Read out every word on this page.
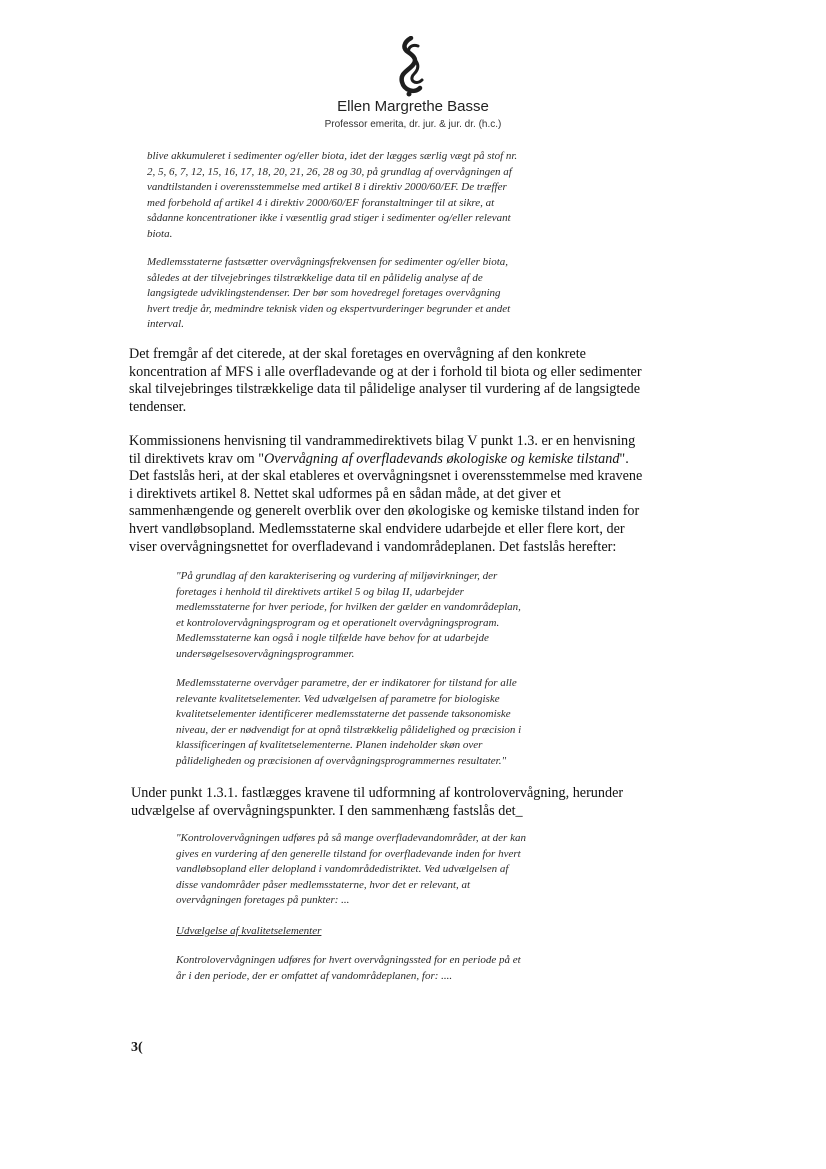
Ellen Margrethe Basse
Professor emerita, dr. jur. & jur. dr. (h.c.)

blive akkumuleret i sedimenter og/eller biota, idet der lægges særlig vægt på stof nr.

2, 5, 6, 7, 12, 15, 16, 17, 18, 20, 21, 26, 28 og 30, på grundlag af overvågningen af

vandtilstanden i overensstemmelse med artikel 8 i direktiv 2000/60/EF. De træffer

med forbehold af artikel 4 i direktiv 2000/60/EF foranstaltninger til at sikre, at

sådanne koncentrationer ikke i væsentlig grad stiger i sedimenter og/eller relevant

biota.

Medlemsstaterne fastsætter overvågningsfrekvensen for sedimenter og/eller biota,

således at der tilvejebringes tilstrækkelige data til en pålidelig analyse af de

langsigtede udviklingstendenser. Der bør som hovedregel foretages overvågning

hvert tredje år, medmindre teknisk viden og ekspertvurderinger begrunder et andet

interval.

Det fremgår af det citerede, at der skal foretages en overvågning af den konkrete

koncentration af MFS i alle overfladevande og at der i forhold til biota og eller sedimenter

skal tilvejebringes tilstrækkelige data til pålidelige analyser til vurdering af de langsigtede

tendenser.

Kommissionens henvisning til vandrammedirektivets bilag V punkt 1.3. er en henvisning

til direktivets krav om "Overvågning af overfladevands økologiske og kemiske tilstand".

Det fastslås heri, at der skal etableres et overvågningsnet i overensstemmelse med kravene

i direktivets artikel 8. Nettet skal udformes på en sådan måde, at det giver et

sammenhængende og generelt overblik over den økologiske og kemiske tilstand inden for

hvert vandløbsopland. Medlemsstaterne skal endvidere udarbejde et eller flere kort, der

viser overvågningsnettet for overfladevand i vandområdeplanen. Det fastslås herefter:

"På grundlag af den karakterisering og vurdering af miljøvirkninger, der

foretages i henhold til direktivets artikel 5 og bilag II, udarbejder

medlemsstaterne for hver periode, for hvilken der gælder en vandområdeplan,

et kontrolovervågningsprogram og et operationelt overvågningsprogram.

Medlemsstaterne kan også i nogle tilfælde have behov for at udarbejde

undersøgelsesovervågningsprogrammer.

Medlemsstaterne overvåger parametre, der er indikatorer for tilstand for alle

relevante kvalitetselementer. Ved udvælgelsen af parametre for biologiske

kvalitetselementer identificerer medlemsstaterne det passende taksonomiske

niveau, der er nødvendigt for at opnå tilstrækkelig pålidelighed og præcision i

klassificeringen af kvalitetselementerne. Planen indeholder skøn over

pålideligheden og præcisionen af overvågningsprogrammernes resultater."

Under punkt 1.3.1. fastlægges kravene til udformning af kontrolovervågning, herunder

udvælgelse af overvågningspunkter. I den sammenhæng fastslås det_

"Kontrolovervågningen udføres på så mange overfladevandområder, at der kan

gives en vurdering af den generelle tilstand for overfladevande inden for hvert

vandløbsopland eller delopland i vandområdedistriktet. Ved udvælgelsen af

disse vandområder påser medlemsstaterne, hvor det er relevant, at

overvågningen foretages på punkter: ...

Udvælgelse af kvalitetselementer

Kontrolovervågningen udføres for hvert overvågningssted for en periode på et

år i den periode, der er omfattet af vandområdeplanen, for: ....

3(
